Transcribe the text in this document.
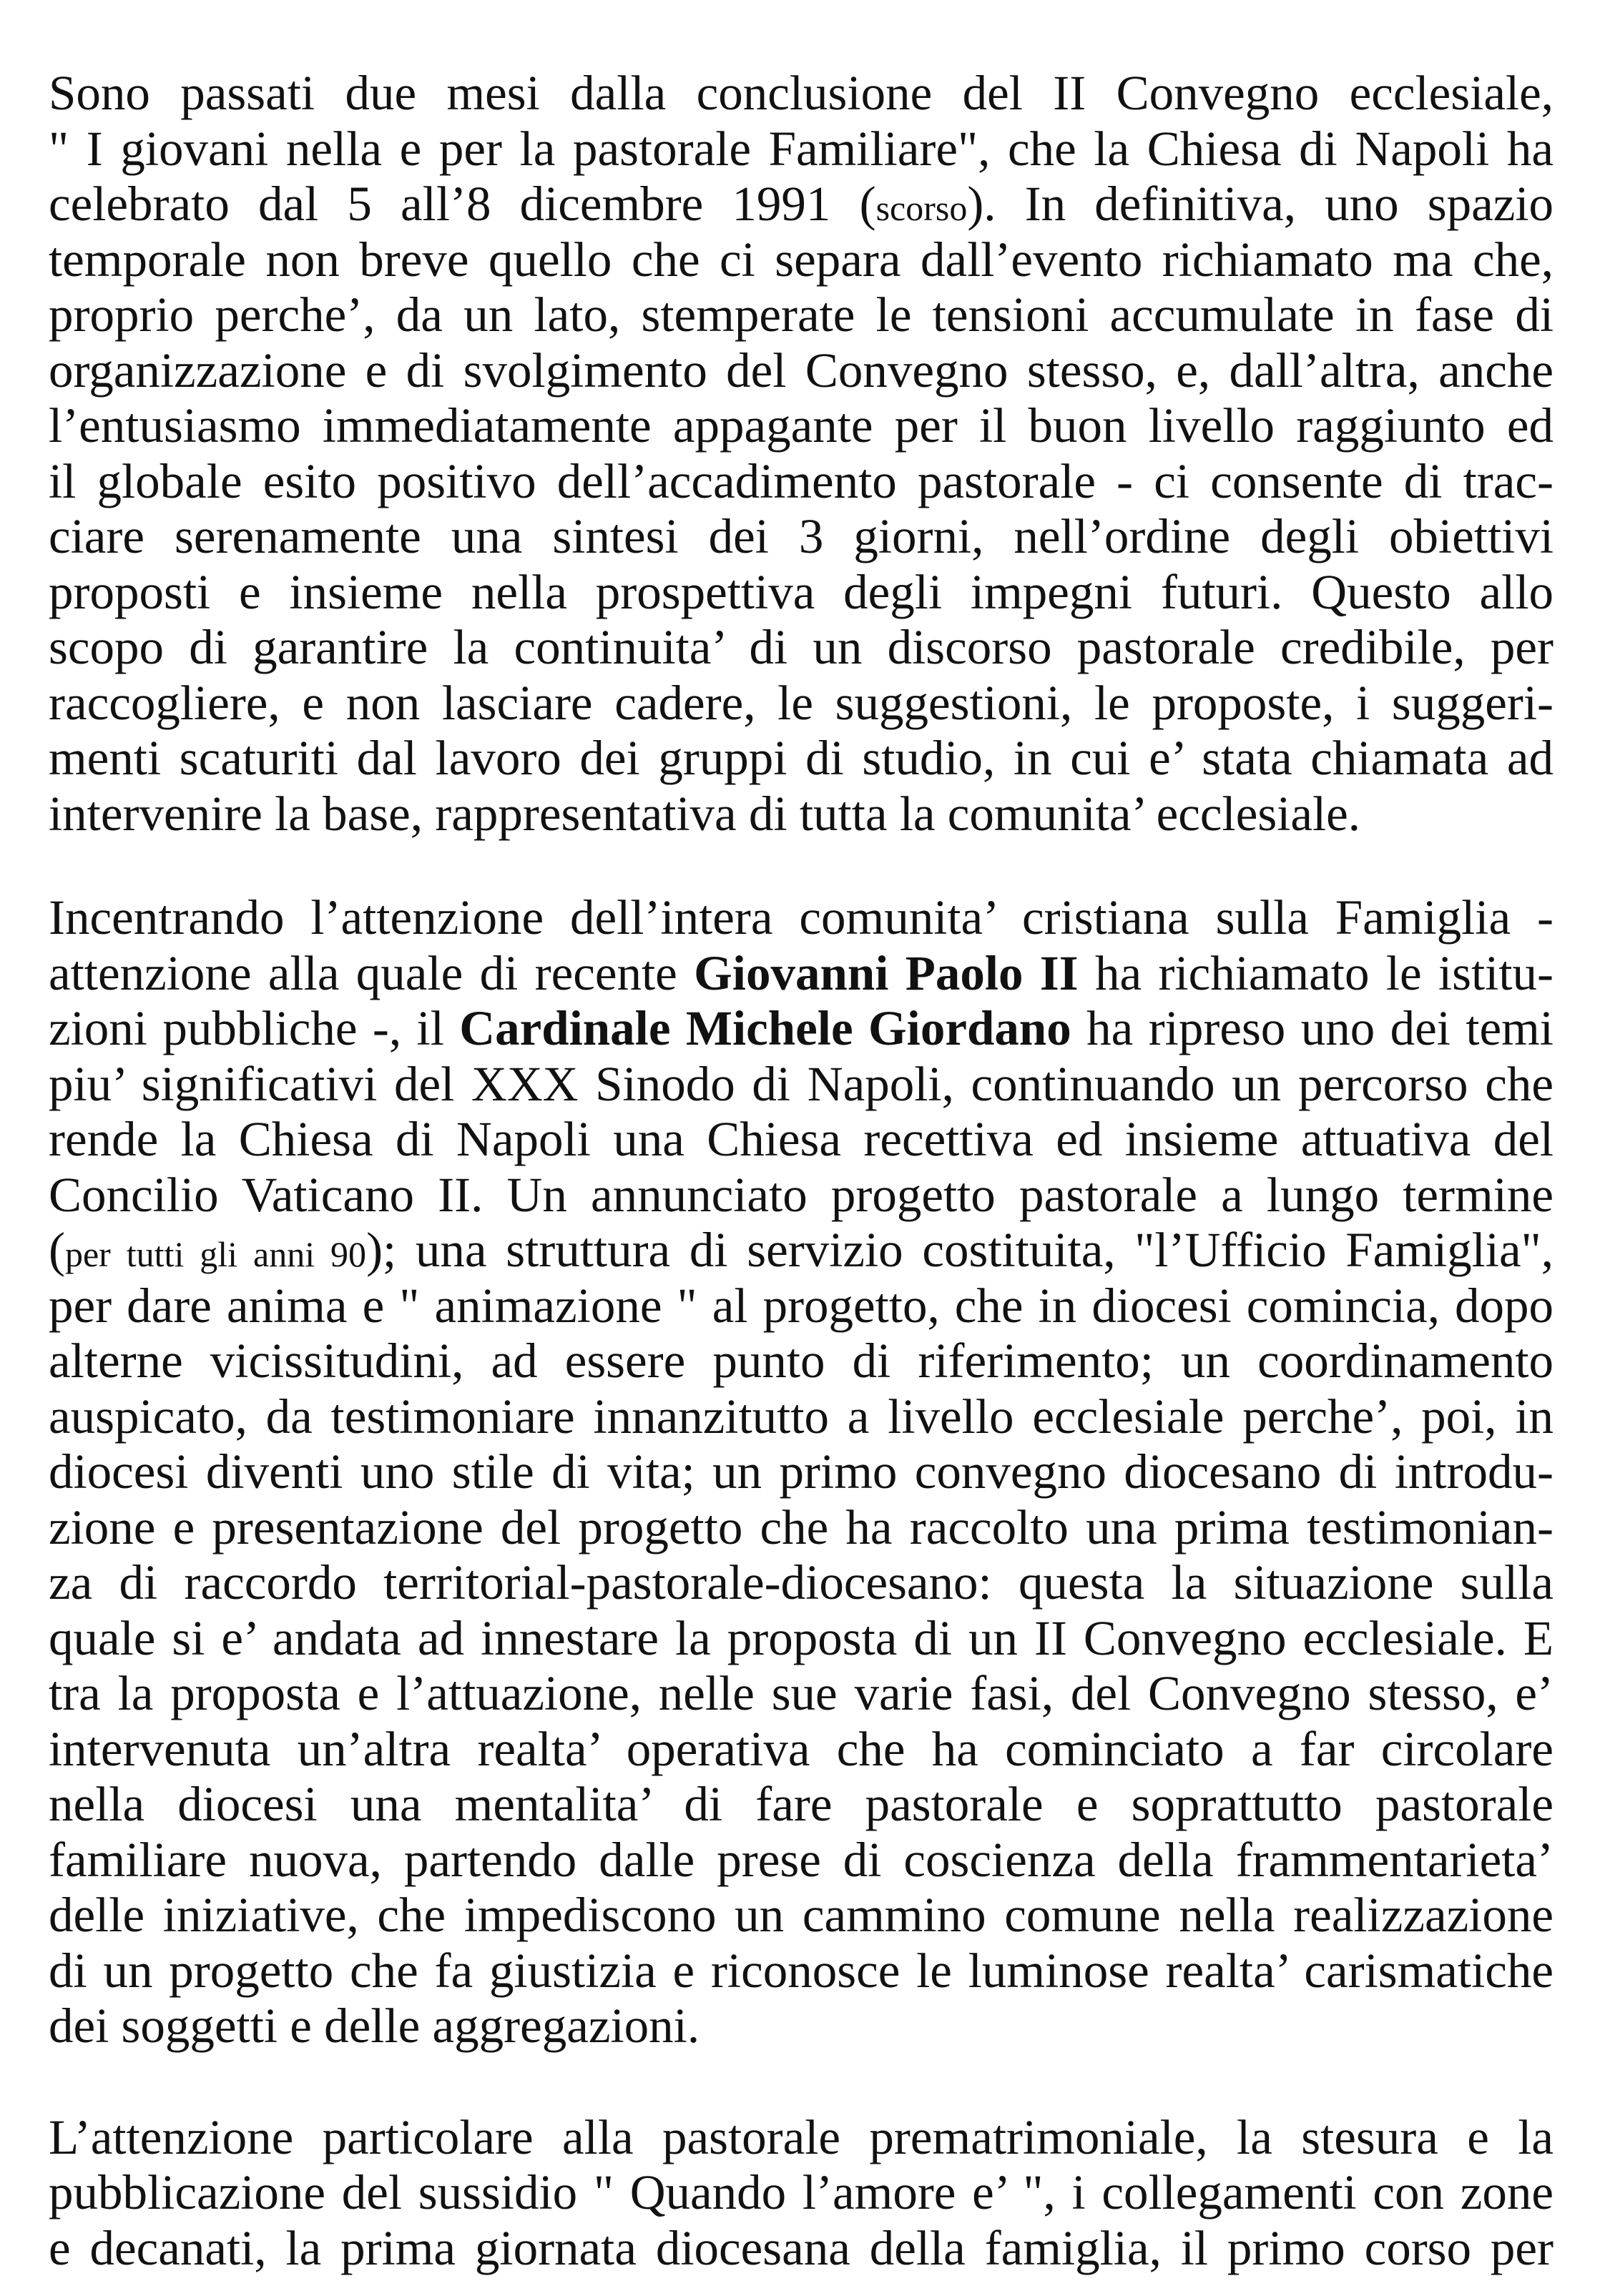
Sono passati due mesi dalla conclusione del II Convegno ecclesiale,
" I giovani nella e per la pastorale Familiare", che la Chiesa di Napoli ha
celebrato dal 5 all’8 dicembre 1991 (scorso). In definitiva, uno spazio
temporale non breve quello che ci separa dall’evento richiamato ma che,
proprio perche’, da un lato, stemperate le tensioni accumulate in fase di
organizzazione e di svolgimento del Convegno stesso, e, dall’altra, anche
l’entusiasmo immediatamente appagante per il buon livello raggiunto ed
il globale esito positivo dell’accadimento pastorale - ci consente di trac-
ciare serenamente una sintesi dei 3 giorni, nell’ordine degli obiettivi
proposti e insieme nella prospettiva degli impegni futuri. Questo allo
scopo di garantire la continuita’ di un discorso pastorale credibile, per
raccogliere, e non lasciare cadere, le suggestioni, le proposte, i suggeri-
menti scaturiti dal lavoro dei gruppi di studio, in cui e’ stata chiamata ad
intervenire la base, rappresentativa di tutta la comunita’ ecclesiale.
Incentrando l’attenzione dell’intera comunita’ cristiana sulla Famiglia -
attenzione alla quale di recente Giovanni Paolo II ha richiamato le istitu-
zioni pubbliche -, il Cardinale Michele Giordano ha ripreso uno dei temi
piu’ significativi del XXX Sinodo di Napoli, continuando un percorso che
rende la Chiesa di Napoli una Chiesa recettiva ed insieme attuativa del
Concilio Vaticano II. Un annunciato progetto pastorale a lungo termine
(per tutti gli anni 90); una struttura di servizio costituita, "l’Ufficio Famiglia",
per dare anima e " animazione " al progetto, che in diocesi comincia, dopo
alterne vicissitudini, ad essere punto di riferimento; un coordinamento
auspicato, da testimoniare innanzitutto a livello ecclesiale perche’, poi, in
diocesi diventi uno stile di vita; un primo convegno diocesano di introdu-
zione e presentazione del progetto che ha raccolto una prima testimonian-
za di raccordo territorial-pastorale-diocesano: questa la situazione sulla
quale si e’ andata ad innestare la proposta di un II Convegno ecclesiale. E
tra la proposta e l’attuazione, nelle sue varie fasi, del Convegno stesso, e’
intervenuta un’altra realta’ operativa che ha cominciato a far circolare
nella diocesi una mentalita’ di fare pastorale e soprattutto pastorale
familiare nuova, partendo dalle prese di coscienza della frammentarieta’
delle iniziative, che impediscono un cammino comune nella realizzazione
di un progetto che fa giustizia e riconosce le luminose realta’ carismatiche
dei soggetti e delle aggregazioni.
L’attenzione particolare alla pastorale prematrimoniale, la stesura e la
pubblicazione del sussidio " Quando l’amore e’ ", i collegamenti con zone
e decanati, la prima giornata diocesana della famiglia, il primo corso per
